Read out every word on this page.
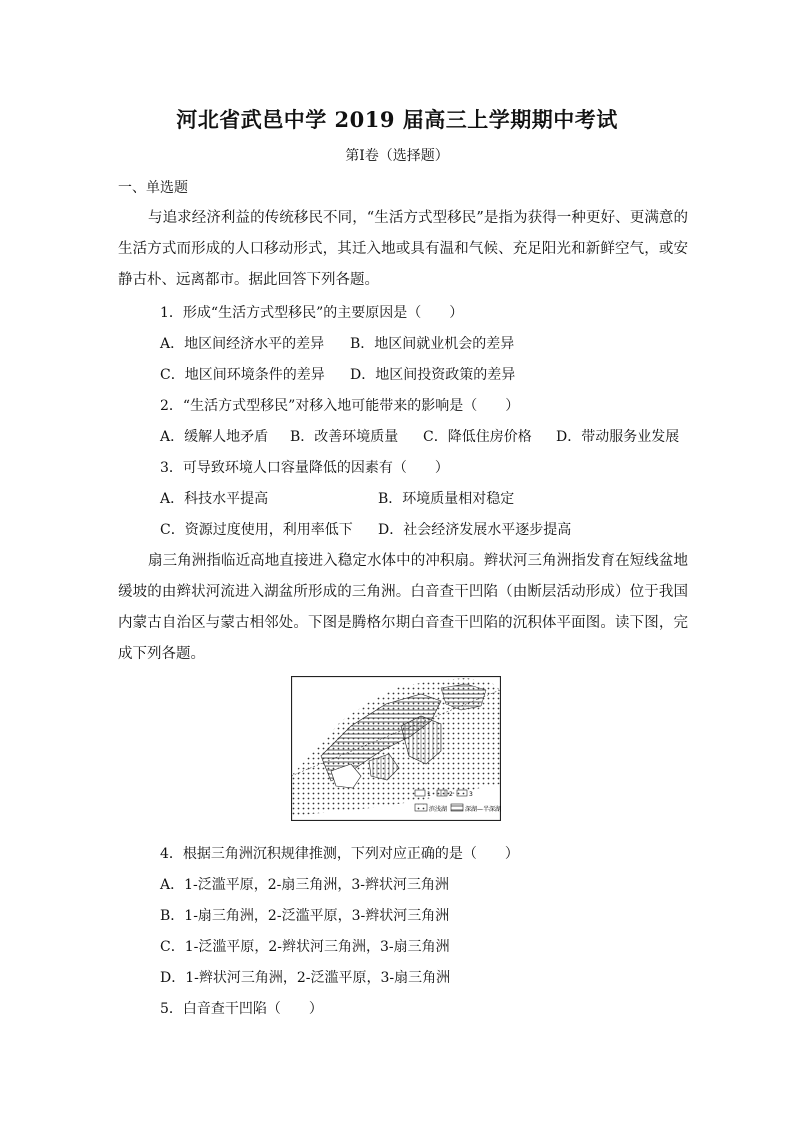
河北省武邑中学 2019 届高三上学期期中考试
第Ⅰ卷（选择题）
一、单选题
与追求经济利益的传统移民不同，“生活方式型移民”是指为获得一种更好、更满意的生活方式而形成的人口移动形式，其迁入地或具有温和气候、充足阳光和新鲜空气，或安静古朴、远离都市。据此回答下列各题。
1．形成“生活方式型移民”的主要原因是（　　）
A．地区间经济水平的差异 B．地区间就业机会的差异
C．地区间环境条件的差异 D．地区间投资政策的差异
2．“生活方式型移民”对移入地可能带来的影响是（　　）
A．缓解人地矛盾 B．改善环境质量 C．降低住房价格 D．带动服务业发展
3．可导致环境人口容量降低的因素有（　　）
A．科技水平提高	B．环境质量相对稳定
C．资源过度使用，利用率低下 D．社会经济发展水平逐步提高
扇三角洲指临近高地直接进入稳定水体中的冲积扇。辫状河三角洲指发育在短线盆地缓坡的由辫状河流进入湖盆所形成的三角洲。白音查干凹陷（由断层活动形成）位于我国内蒙古自治区与蒙古相邻处。下图是腾格尔期白音查干凹陷的沉积体平面图。读下图，完成下列各题。
1	2	3
滨浅湖	深湖—半深湖
4．根据三角洲沉积规律推测，下列对应正确的是（　　）
A．1-泛滥平原，2-扇三角洲，3-辫状河三角洲
B．1-扇三角洲，2-泛滥平原，3-辫状河三角洲
C．1-泛滥平原，2-辫状河三角洲，3-扇三角洲
D．1-辫状河三角洲，2-泛滥平原，3-扇三角洲
5．白音查干凹陷（　　）
